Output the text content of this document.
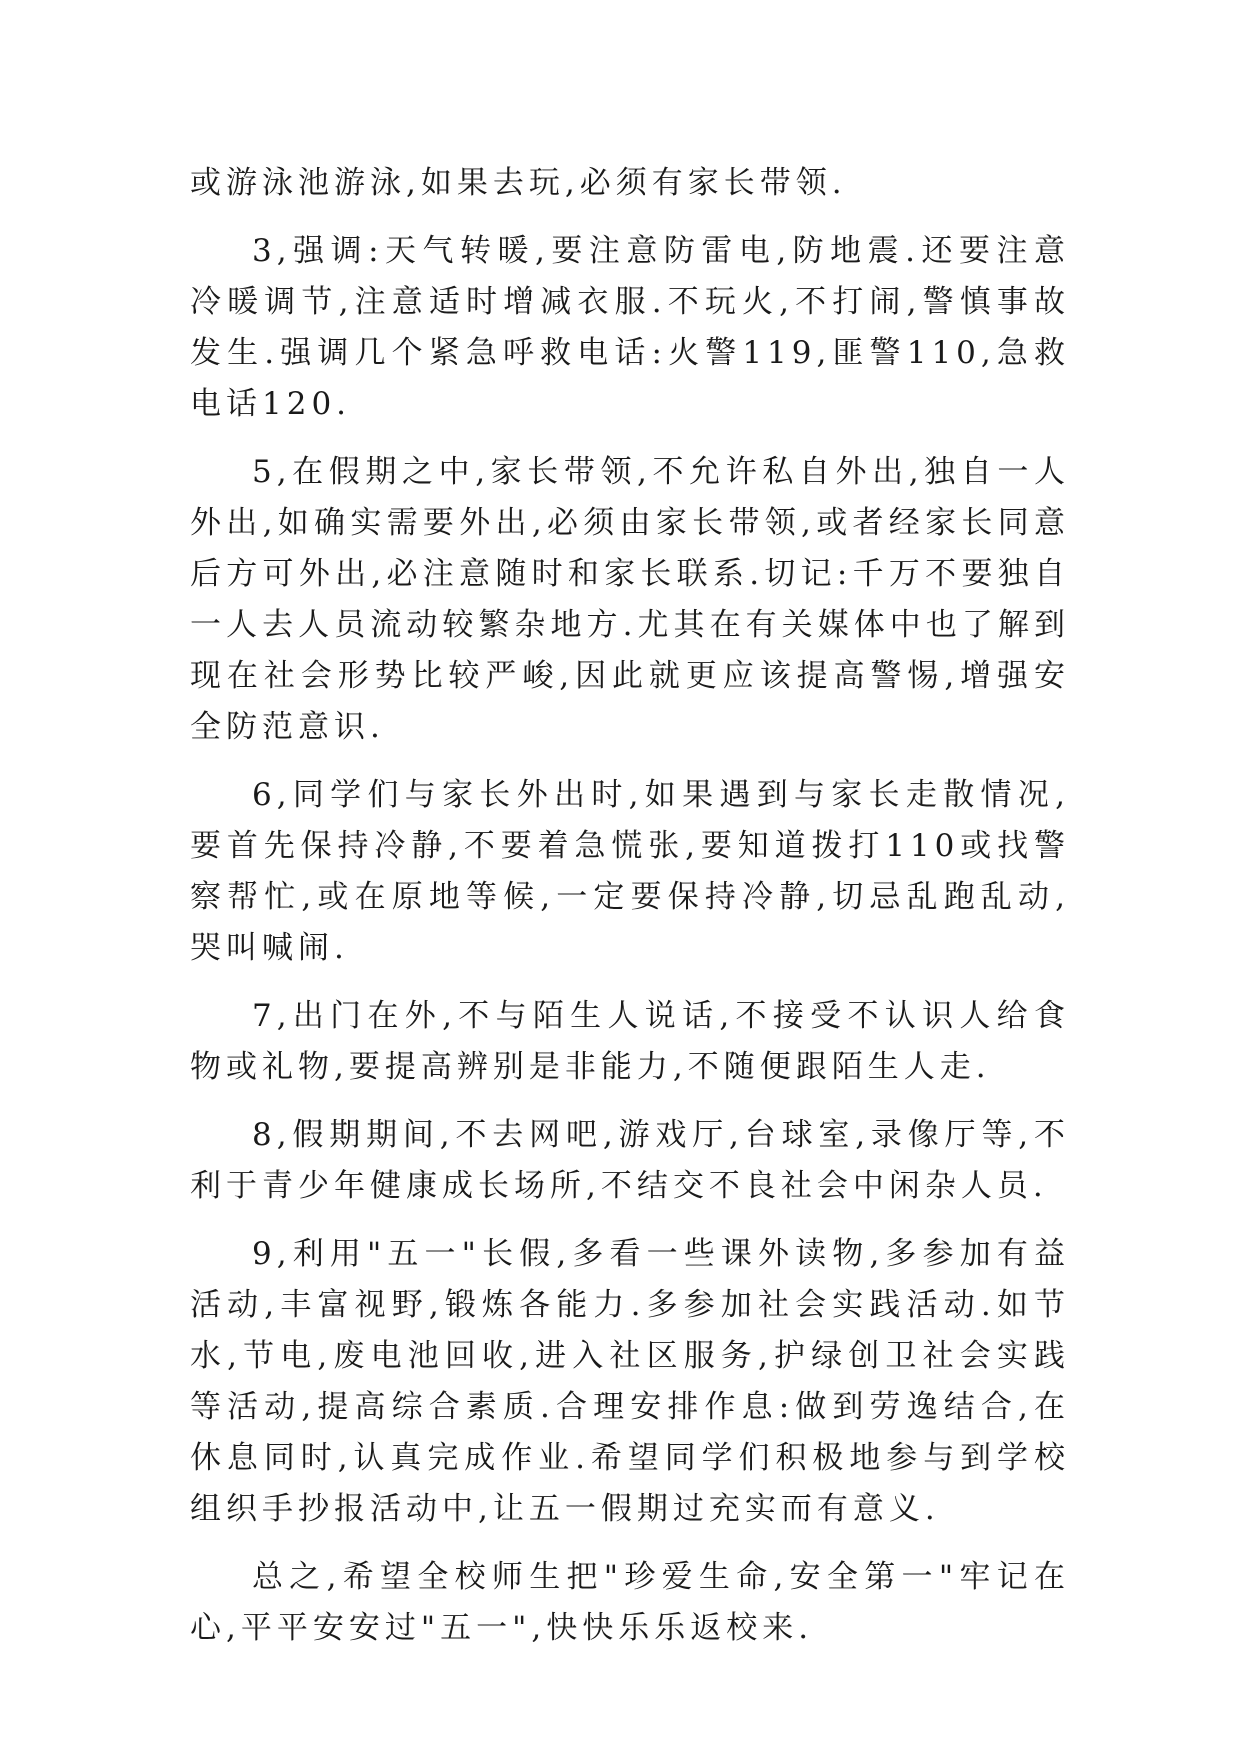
或游泳池游泳,如果去玩,必须有家长带领.

3,强调:天气转暖,要注意防雷电,防地震.还要注意冷暖调节,注意适时增减衣服.不玩火,不打闹,警慎事故发生.强调几个紧急呼救电话:火警119,匪警110,急救电话120.

5,在假期之中,家长带领,不允许私自外出,独自一人外出,如确实需要外出,必须由家长带领,或者经家长同意后方可外出,必注意随时和家长联系.切记:千万不要独自一人去人员流动较繁杂地方.尤其在有关媒体中也了解到现在社会形势比较严峻,因此就更应该提高警惕,增强安全防范意识.

6,同学们与家长外出时,如果遇到与家长走散情况,要首先保持冷静,不要着急慌张,要知道拨打110或找警察帮忙,或在原地等候,一定要保持冷静,切忌乱跑乱动,哭叫喊闹.

7,出门在外,不与陌生人说话,不接受不认识人给食物或礼物,要提高辨别是非能力,不随便跟陌生人走.

8,假期期间,不去网吧,游戏厅,台球室,录像厅等,不利于青少年健康成长场所,不结交不良社会中闲杂人员.

9,利用"五一"长假,多看一些课外读物,多参加有益活动,丰富视野,锻炼各能力.多参加社会实践活动.如节水,节电,废电池回收,进入社区服务,护绿创卫社会实践等活动,提高综合素质.合理安排作息:做到劳逸结合,在休息同时,认真完成作业.希望同学们积极地参与到学校组织手抄报活动中,让五一假期过充实而有意义.

总之,希望全校师生把"珍爱生命,安全第一"牢记在心,平平安安过"五一",快快乐乐返校来.
